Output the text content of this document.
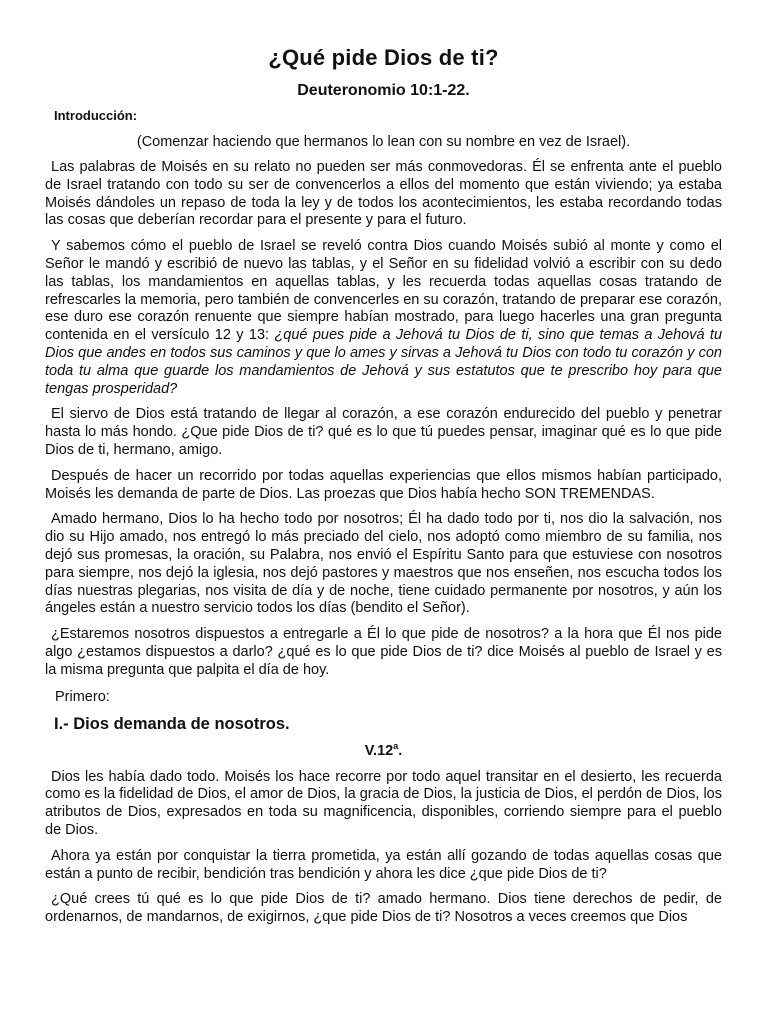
¿Qué pide Dios de ti?
Deuteronomio 10:1-22.
Introducción:
(Comenzar haciendo que hermanos lo lean con su nombre en vez de Israel).

Las palabras de Moisés en su relato no pueden ser más conmovedoras. Él se enfrenta ante el pueblo de Israel tratando con todo su ser de convencerlos a ellos del momento que están viviendo; ya estaba Moisés dándoles un repaso de toda la ley y de todos los acontecimientos, les estaba recordando todas las cosas que deberían recordar para el presente y para el futuro.

Y sabemos cómo el pueblo de Israel se reveló contra Dios cuando Moisés subió al monte y como el Señor le mandó y escribió de nuevo las tablas, y el Señor en su fidelidad volvió a escribir con su dedo las tablas, los mandamientos en aquellas tablas, y les recuerda todas aquellas cosas tratando de refrescarles la memoria, pero también de convencerles en su corazón, tratando de preparar ese corazón, ese duro ese corazón renuente que siempre habían mostrado, para luego hacerles una gran pregunta contenida en el versículo 12 y 13: ¿qué pues pide a Jehová tu Dios de ti, sino que temas a Jehová tu Dios que andes en todos sus caminos y que lo ames y sirvas a Jehová tu Dios con todo tu corazón y con toda tu alma que guarde los mandamientos de Jehová y sus estatutos que te prescribo hoy para que tengas prosperidad?

El siervo de Dios está tratando de llegar al corazón, a ese corazón endurecido del pueblo y penetrar hasta lo más hondo. ¿Que pide Dios de ti? qué es lo que tú puedes pensar, imaginar qué es lo que pide Dios de ti, hermano, amigo.

Después de hacer un recorrido por todas aquellas experiencias que ellos mismos habían participado, Moisés les demanda de parte de Dios. Las proezas que Dios había hecho SON TREMENDAS.

Amado hermano, Dios lo ha hecho todo por nosotros; Él ha dado todo por ti, nos dio la salvación, nos dio su Hijo amado, nos entregó lo más preciado del cielo, nos adoptó como miembro de su familia, nos dejó sus promesas, la oración, su Palabra, nos envió el Espíritu Santo para que estuviese con nosotros para siempre, nos dejó la iglesia, nos dejó pastores y maestros que nos enseñen, nos escucha todos los días nuestras plegarias, nos visita de día y de noche, tiene cuidado permanente por nosotros, y aún los ángeles están a nuestro servicio todos los días (bendito el Señor).

¿Estaremos nosotros dispuestos a entregarle a Él lo que pide de nosotros? a la hora que Él nos pide algo ¿estamos dispuestos a darlo? ¿qué es lo que pide Dios de ti? dice Moisés al pueblo de Israel y es la misma pregunta que palpita el día de hoy.

Primero:
I.- Dios demanda de nosotros.
V.12$^a$.

Dios les había dado todo. Moisés los hace recorre por todo aquel transitar en el desierto, les recuerda como es la fidelidad de Dios, el amor de Dios, la gracia de Dios, la justicia de Dios, el perdón de Dios, los atributos de Dios, expresados en toda su magnificencia, disponibles, corriendo siempre para el pueblo de Dios.

Ahora ya están por conquistar la tierra prometida, ya están allí gozando de todas aquellas cosas que están a punto de recibir, bendición tras bendición y ahora les dice ¿que pide Dios de ti?

¿Qué crees tú qué es lo que pide Dios de ti? amado hermano. Dios tiene derechos de pedir, de ordenarnos, de mandarnos, de exigirnos, ¿que pide Dios de ti? Nosotros a veces creemos que Dios
